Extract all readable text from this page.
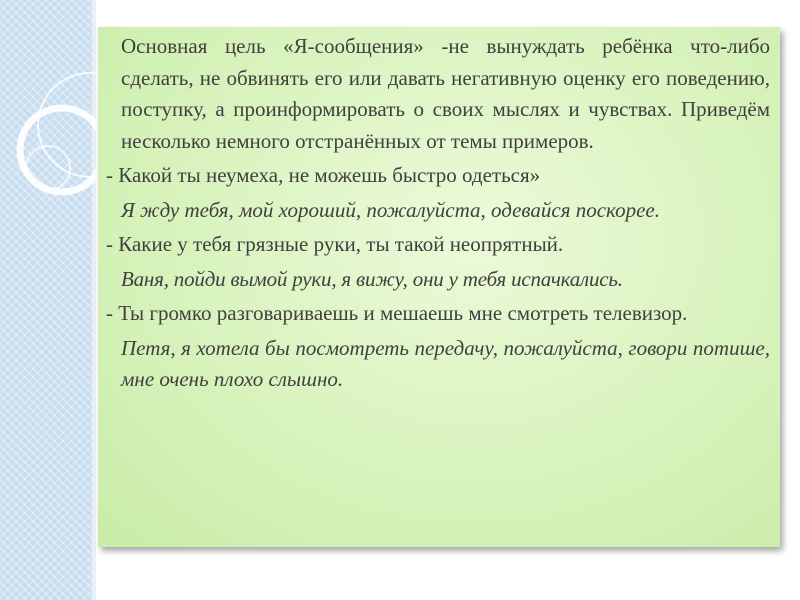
Основная цель «Я-сообщения» -не вынуждать ребёнка что-либо сделать, не обвинять его или давать негативную оценку его поведению, поступку, а проинформировать о своих мыслях и чувствах. Приведём несколько немного отстранённых от темы примеров.

- Какой ты неумеха, не можешь быстро одеться»

Я жду тебя, мой хороший, пожалуйста, одевайся поскорее.

- Какие у тебя грязные руки, ты такой неопрятный.

Ваня, пойди вымой руки, я вижу, они у тебя испачкались.

- Ты громко разговариваешь и мешаешь мне смотреть телевизор.

Петя, я хотела бы посмотреть передачу, пожалуйста, говори потише, мне очень плохо слышно.
